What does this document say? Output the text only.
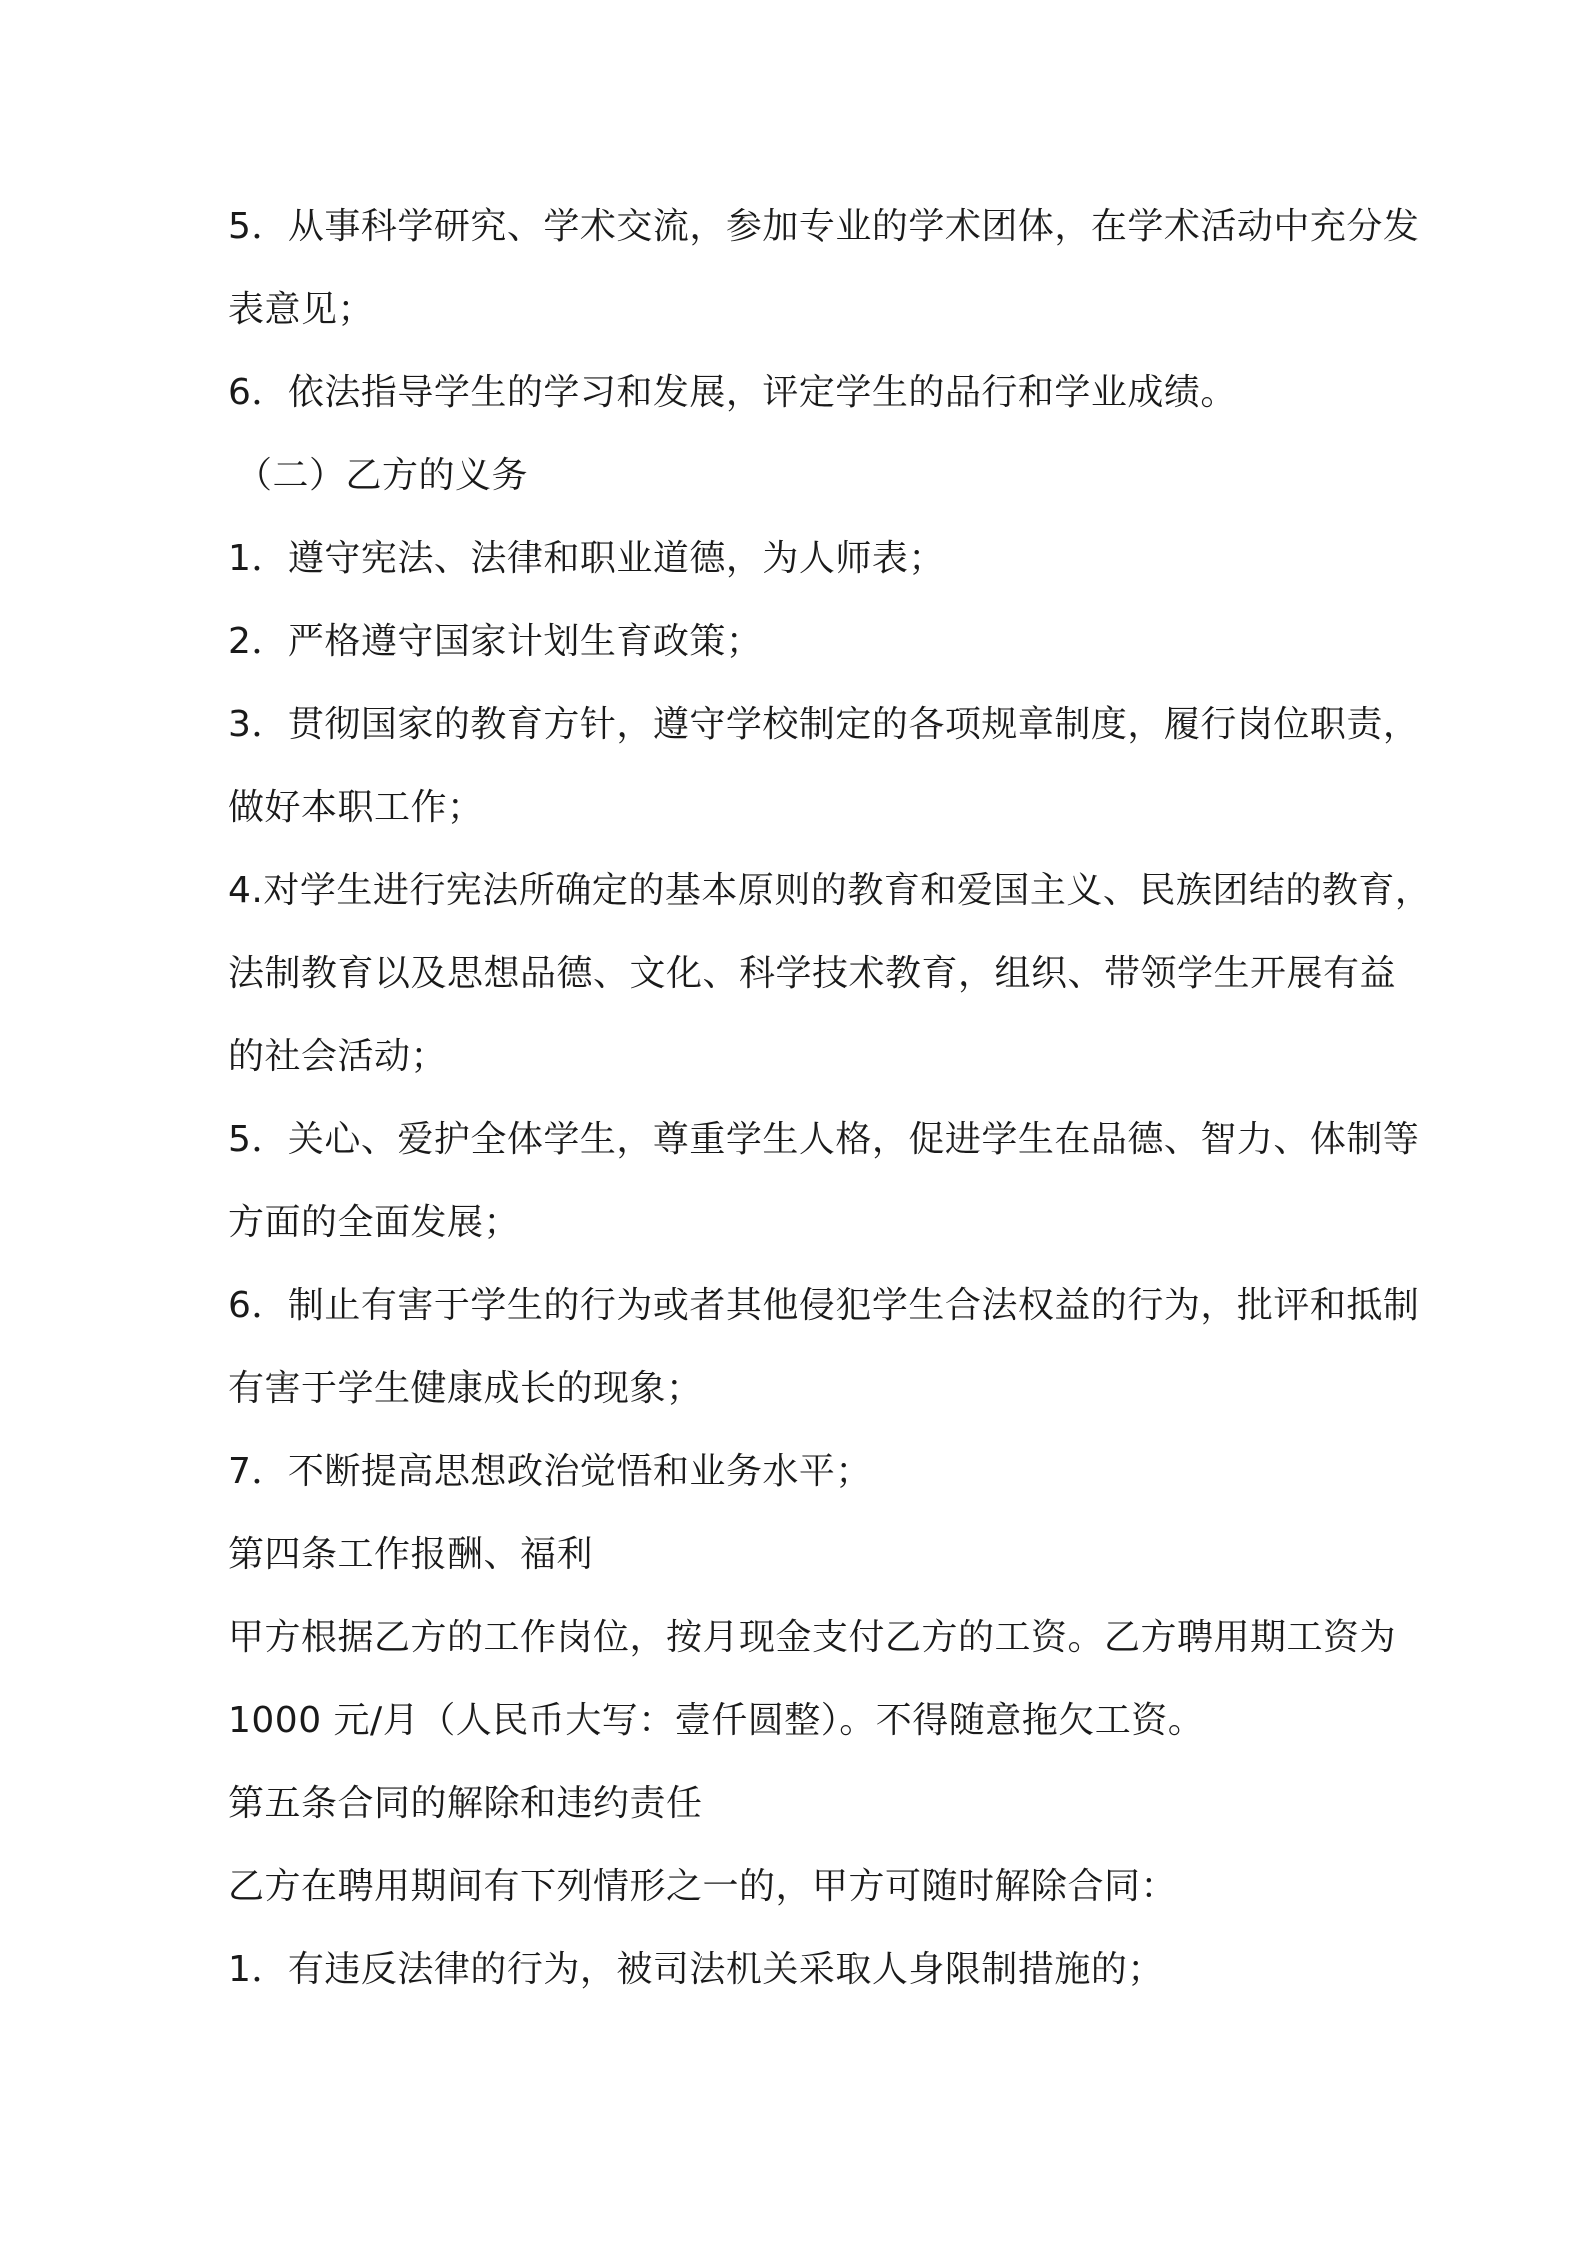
5．从事科学研究、学术交流，参加专业的学术团体，在学术活动中充分发
表意见；
6．依法指导学生的学习和发展，评定学生的品行和学业成绩。
（二）乙方的义务
1．遵守宪法、法律和职业道德，为人师表；
2．严格遵守国家计划生育政策；
3．贯彻国家的教育方针，遵守学校制定的各项规章制度，履行岗位职责，
做好本职工作；
4.对学生进行宪法所确定的基本原则的教育和爱国主义、民族团结的教育，
法制教育以及思想品德、文化、科学技术教育，组织、带领学生开展有益
的社会活动；
5．关心、爱护全体学生，尊重学生人格，促进学生在品德、智力、体制等
方面的全面发展；
6．制止有害于学生的行为或者其他侵犯学生合法权益的行为，批评和抵制
有害于学生健康成长的现象；
7．不断提高思想政治觉悟和业务水平；
第四条工作报酬、福利
甲方根据乙方的工作岗位，按月现金支付乙方的工资。乙方聘用期工资为
1000 元/月（人民币大写：壹仟圆整）。不得随意拖欠工资。
第五条合同的解除和违约责任
乙方在聘用期间有下列情形之一的，甲方可随时解除合同：
1．有违反法律的行为，被司法机关采取人身限制措施的；
